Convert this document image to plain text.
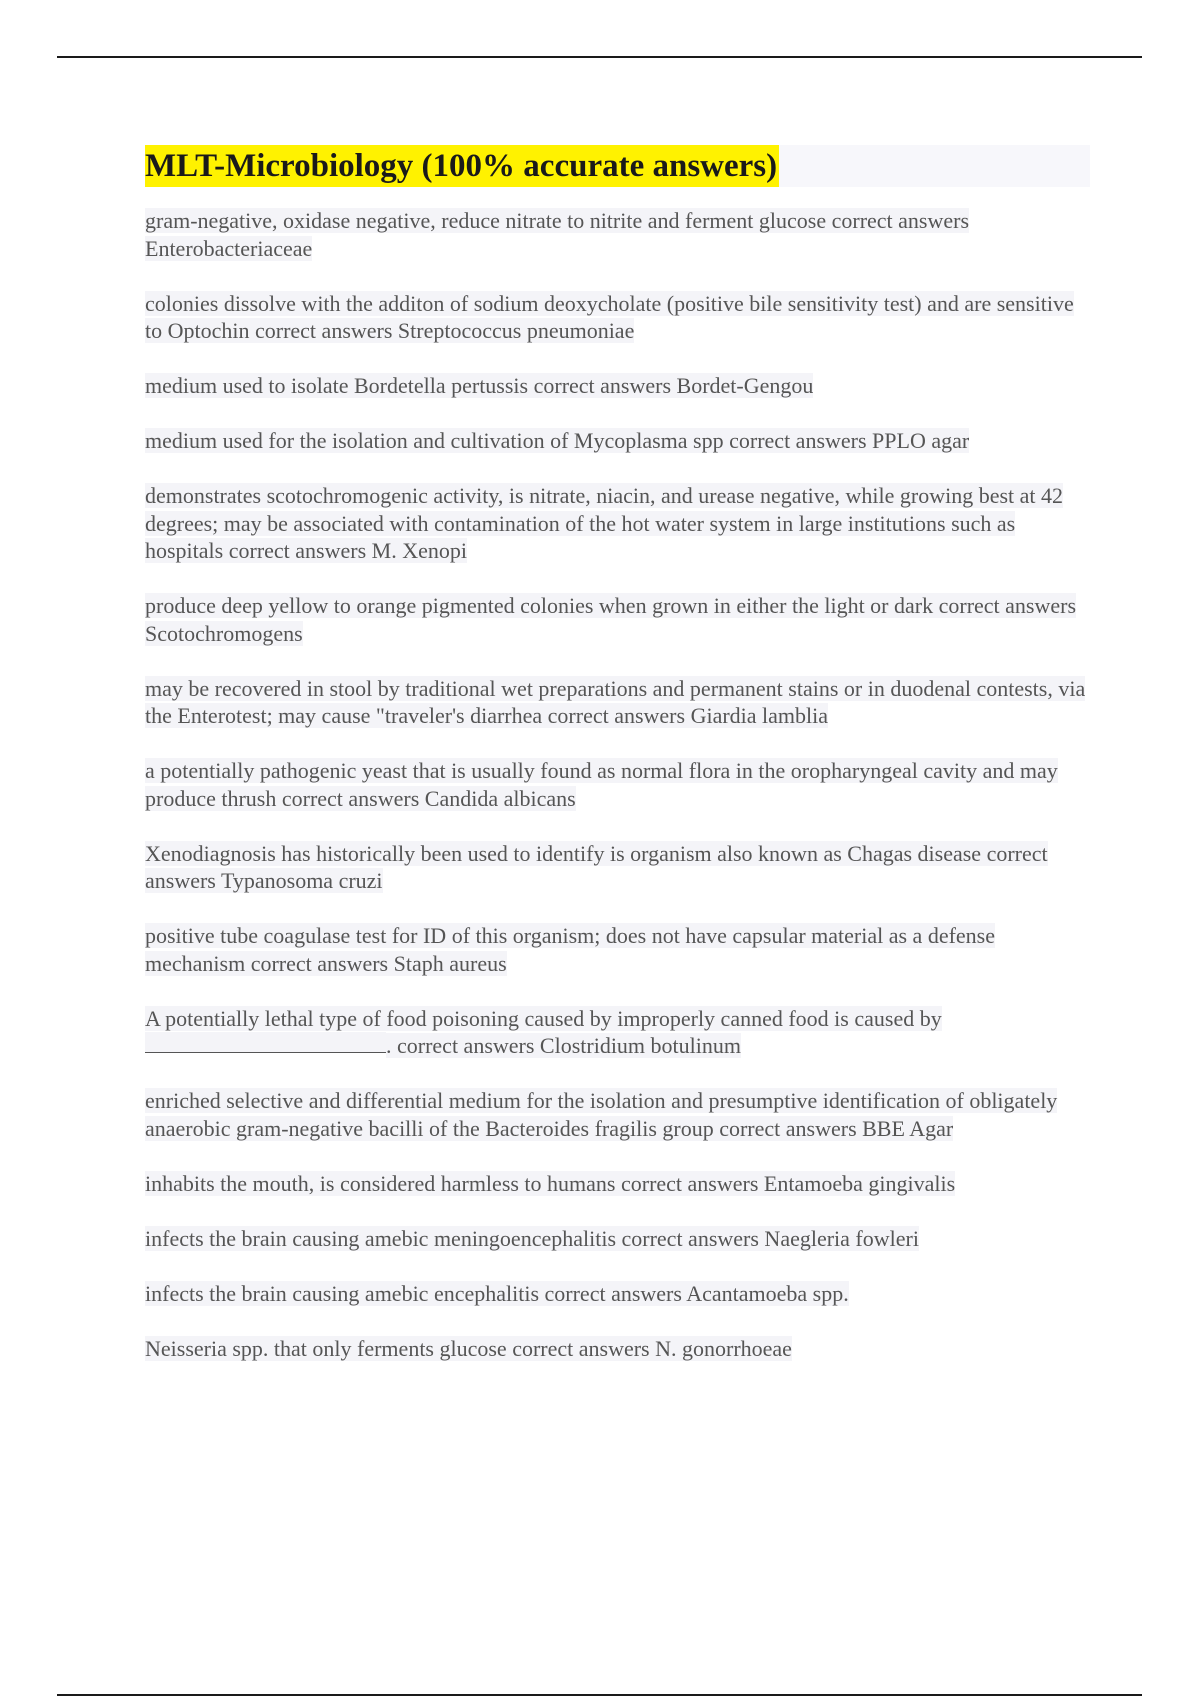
MLT-Microbiology (100% accurate answers)

gram-negative, oxidase negative, reduce nitrate to nitrite and ferment glucose correct answers Enterobacteriaceae

colonies dissolve with the additon of sodium deoxycholate (positive bile sensitivity test) and are sensitive to Optochin correct answers Streptococcus pneumoniae

medium used to isolate Bordetella pertussis correct answers Bordet-Gengou

medium used for the isolation and cultivation of Mycoplasma spp correct answers PPLO agar

demonstrates scotochromogenic activity, is nitrate, niacin, and urease negative, while growing best at 42 degrees; may be associated with contamination of the hot water system in large institutions such as hospitals correct answers M. Xenopi

produce deep yellow to orange pigmented colonies when grown in either the light or dark correct answers Scotochromogens

may be recovered in stool by traditional wet preparations and permanent stains or in duodenal contests, via the Enterotest; may cause "traveler's diarrhea correct answers Giardia lamblia

a potentially pathogenic yeast that is usually found as normal flora in the oropharyngeal cavity and may produce thrush correct answers Candida albicans

Xenodiagnosis has historically been used to identify is organism also known as Chagas disease correct answers Typanosoma cruzi

positive tube coagulase test for ID of this organism; does not have capsular material as a defense mechanism correct answers Staph aureus

A potentially lethal type of food poisoning caused by improperly canned food is caused by
. correct answers Clostridium botulinum

enriched selective and differential medium for the isolation and presumptive identification of obligately anaerobic gram-negative bacilli of the Bacteroides fragilis group correct answers BBE Agar

inhabits the mouth, is considered harmless to humans correct answers Entamoeba gingivalis

infects the brain causing amebic meningoencephalitis correct answers Naegleria fowleri

infects the brain causing amebic encephalitis correct answers Acantamoeba spp.

Neisseria spp. that only ferments glucose correct answers N. gonorrhoeae
